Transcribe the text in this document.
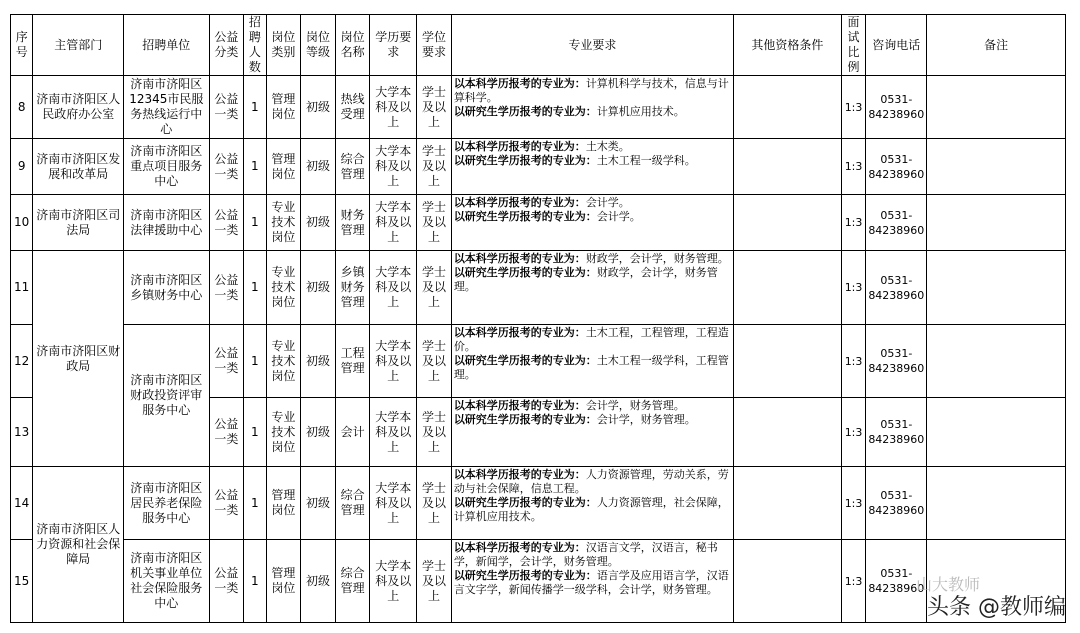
序号	主管部门	招聘单位	公益分类	招聘人数	岗位类别	岗位等级	岗位名称	学历要求	学位要求	专业要求	其他资格条件	面试比例	咨询电话	备注
8	济南市济阳区人民政府办公室	济南市济阳区12345市民服务热线运行中心	公益一类	1	管理岗位	初级	热线受理	大学本科及以上	学士及以上	以本科学历报考的专业为：计算机科学与技术，信息与计算科学。
以研究生学历报考的专业为：计算机应用技术。		1:3	0531-84238960	
9	济南市济阳区发展和改革局	济南市济阳区重点项目服务中心	公益一类	1	管理岗位	初级	综合管理	大学本科及以上	学士及以上	以本科学历报考的专业为：土木类。
以研究生学历报考的专业为：土木工程一级学科。		1:3	0531-84238960	
10	济南市济阳区司法局	济南市济阳区法律援助中心	公益一类	1	专业技术岗位	初级	财务管理	大学本科及以上	学士及以上	以本科学历报考的专业为：会计学。
以研究生学历报考的专业为：会计学。		1:3	0531-84238960	
11	济南市济阳区财政局	济南市济阳区乡镇财务中心	公益一类	1	专业技术岗位	初级	乡镇财务管理	大学本科及以上	学士及以上	以本科学历报考的专业为：财政学，会计学，财务管理。
以研究生学历报考的专业为：财政学，会计学，财务管理。		1:3	0531-84238960	
12		济南市济阳区财政投资评审服务中心	公益一类	1	专业技术岗位	初级	工程管理	大学本科及以上	学士及以上	以本科学历报考的专业为：土木工程，工程管理，工程造价。
以研究生学历报考的专业为：土木工程一级学科，工程管理。		1:3	0531-84238960	
13			公益一类	1	专业技术岗位	初级	会计	大学本科及以上	学士及以上	以本科学历报考的专业为：会计学，财务管理。
以研究生学历报考的专业为：会计学，财务管理。		1:3	0531-84238960	
14	济南市济阳区人力资源和社会保障局	济南市济阳区居民养老保险服务中心	公益一类	1	管理岗位	初级	综合管理	大学本科及以上	学士及以上	以本科学历报考的专业为：人力资源管理，劳动关系，劳动与社会保障，信息工程。
以研究生学历报考的专业为：人力资源管理，社会保障，计算机应用技术。		1:3	0531-84238960	
15		济南市济阳区机关事业单位社会保险服务中心	公益一类	1	管理岗位	初级	综合管理	大学本科及以上	学士及以上	以本科学历报考的专业为：汉语言文学，汉语言，秘书学，新闻学，会计学，财务管理。
以研究生学历报考的专业为：语言学及应用语言学，汉语言文字学，新闻传播学一级学科，会计学，财务管理。		1:3	0531-84238960	
山大教师
头条 @教师编
